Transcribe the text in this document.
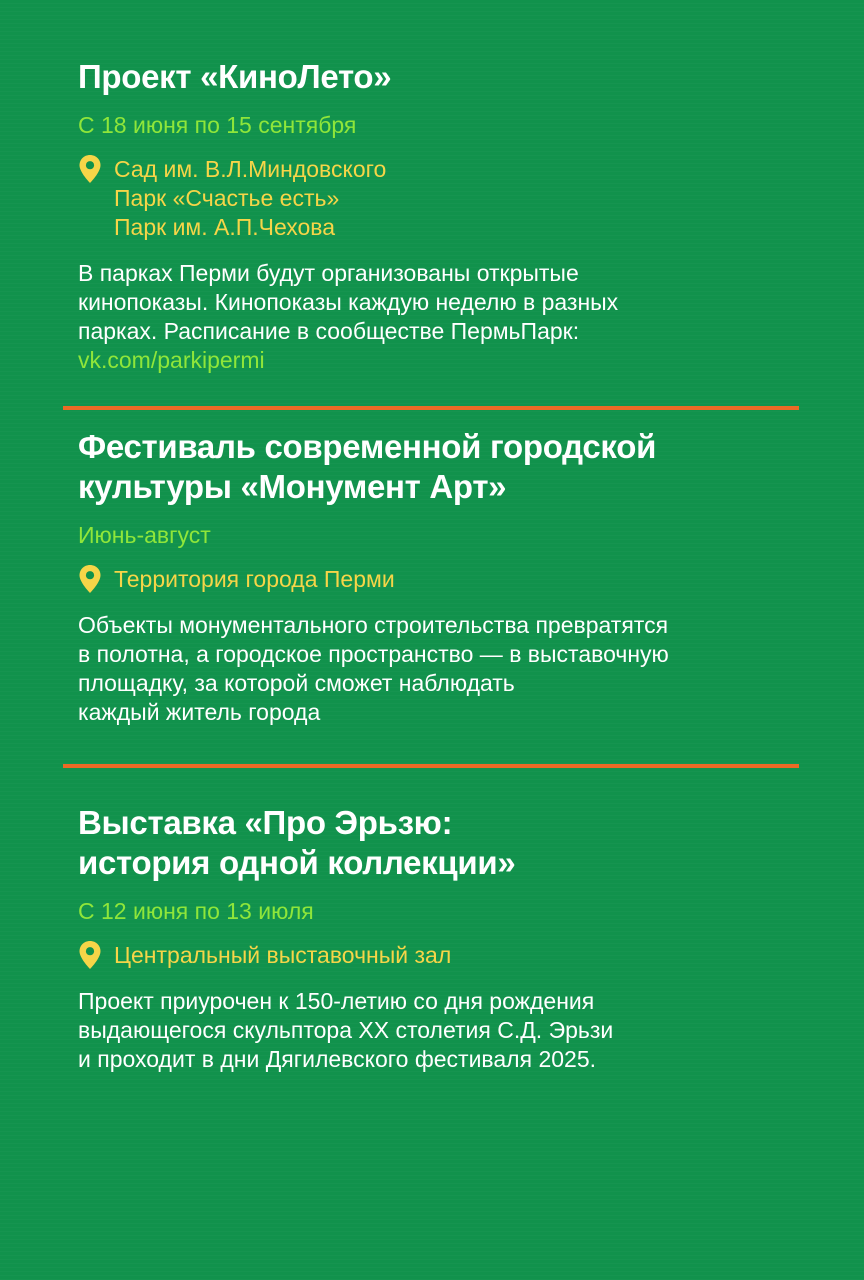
Проект «КиноЛето»
С 18 июня по 15 сентября
Сад им. В.Л.Миндовского
Парк «Счастье есть»
Парк им. А.П.Чехова
В парках Перми будут организованы открытые
кинопоказы. Кинопоказы каждую неделю в разных
парках. Расписание в сообществе ПермьПарк:
vk.com/parkipermi
Фестиваль современной городской
культуры «Монумент Арт»
Июнь-август
Территория города Перми
Объекты монументального строительства превратятся
в полотна, а городское пространство — в выставочную
площадку, за которой сможет наблюдать
каждый житель города
Выставка «Про Эрьзю:
история одной коллекции»
С 12 июня по 13 июля
Центральный выставочный зал
Проект приурочен к 150-летию со дня рождения
выдающегося скульптора XX столетия С.Д. Эрьзи
и проходит в дни Дягилевского фестиваля 2025.
